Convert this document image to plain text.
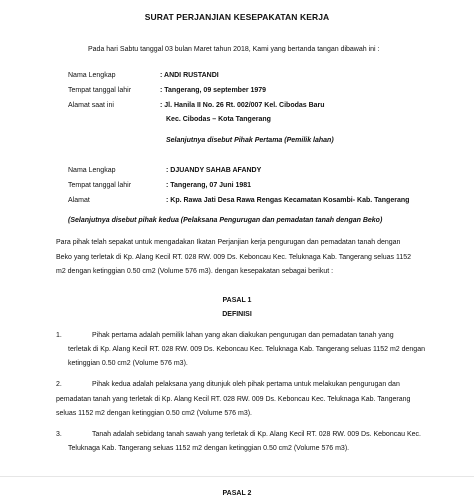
SURAT PERJANJIAN KESEPAKATAN KERJA
Pada hari Sabtu tanggal 03 bulan Maret tahun 2018, Kami yang bertanda tangan dibawah ini :
Nama Lengkap	: ANDI RUSTANDI
Tempat tanggal lahir	: Tangerang, 09 september 1979
Alamat saat ini	: Jl. Hanila II No. 26 Rt. 002/007 Kel. Cibodas Baru
Kec. Cibodas – Kota Tangerang
Selanjutnya disebut Pihak Pertama (Pemilik lahan)
Nama Lengkap	: DJUANDY SAHAB AFANDY
Tempat tanggal lahir	: Tangerang, 07 Juni 1981
Alamat	: Kp. Rawa Jati Desa Rawa Rengas Kecamatan Kosambi- Kab. Tangerang
(Selanjutnya disebut pihak kedua (Pelaksana Pengurugan dan pemadatan tanah dengan Beko)
Para pihak telah sepakat untuk mengadakan Ikatan Perjanjian kerja pengurugan dan pemadatan tanah dengan
Beko yang terletak di Kp. Alang Kecil RT. 028 RW. 009 Ds. Keboncau Kec. Teluknaga Kab. Tangerang seluas 1152
m2 dengan ketinggian 0.50 cm2 (Volume 576 m3). dengan kesepakatan sebagai berikut :
PASAL 1
DEFINISI
1.	Pihak pertama adalah pemilik lahan yang akan diakukan pengurugan dan pemadatan tanah yang
terletak di Kp. Alang Kecil RT. 028 RW. 009 Ds. Keboncau Kec. Teluknaga Kab. Tangerang seluas 1152 m2 dengan
ketinggian 0.50 cm2 (Volume 576 m3).
2.	Pihak kedua adalah pelaksana yang ditunjuk oleh pihak pertama untuk melakukan pengurugan dan
pemadatan tanah yang terletak di Kp. Alang Kecil RT. 028 RW. 009 Ds. Keboncau Kec. Teluknaga Kab. Tangerang
seluas 1152 m2 dengan ketinggian 0.50 cm2 (Volume 576 m3).
3.	Tanah adalah sebidang tanah sawah yang terletak di Kp. Alang Kecil RT. 028 RW. 009 Ds. Keboncau Kec.
Teluknaga Kab. Tangerang seluas 1152 m2 dengan ketinggian 0.50 cm2 (Volume 576 m3).
PASAL 2
